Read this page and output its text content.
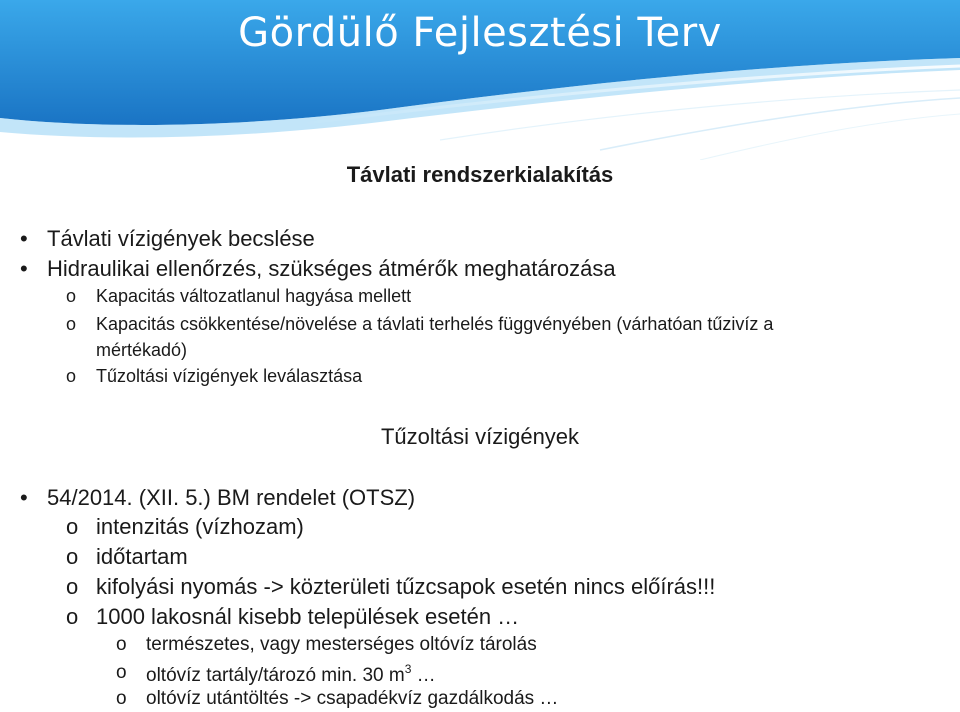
Gördülő Fejlesztési Terv
Távlati rendszerkialakítás
• Távlati vízigények becslése

• Hidraulikai ellenőrzés, szükséges átmérők meghatározása

o Kapacitás változatlanul hagyása mellett

o Kapacitás csökkentése/növelése a távlati terhelés függvényében (várhatóan tűzivíz a

mértékadó)

o Tűzoltási vízigények leválasztása

Tűzoltási vízigények
• 54/2014. (XII. 5.) BM rendelet (OTSZ)

o intenzitás (vízhozam)

o időtartam

o kifolyási nyomás -> közterületi tűzcsapok esetén nincs előírás!!!

o 1000 lakosnál kisebb települések esetén …

o természetes, vagy mesterséges oltóvíz tárolás

o oltóvíz tartály/tározó min. 30 $m^3$ …

o oltóvíz utántöltés -> csapadékvíz gazdálkodás …
